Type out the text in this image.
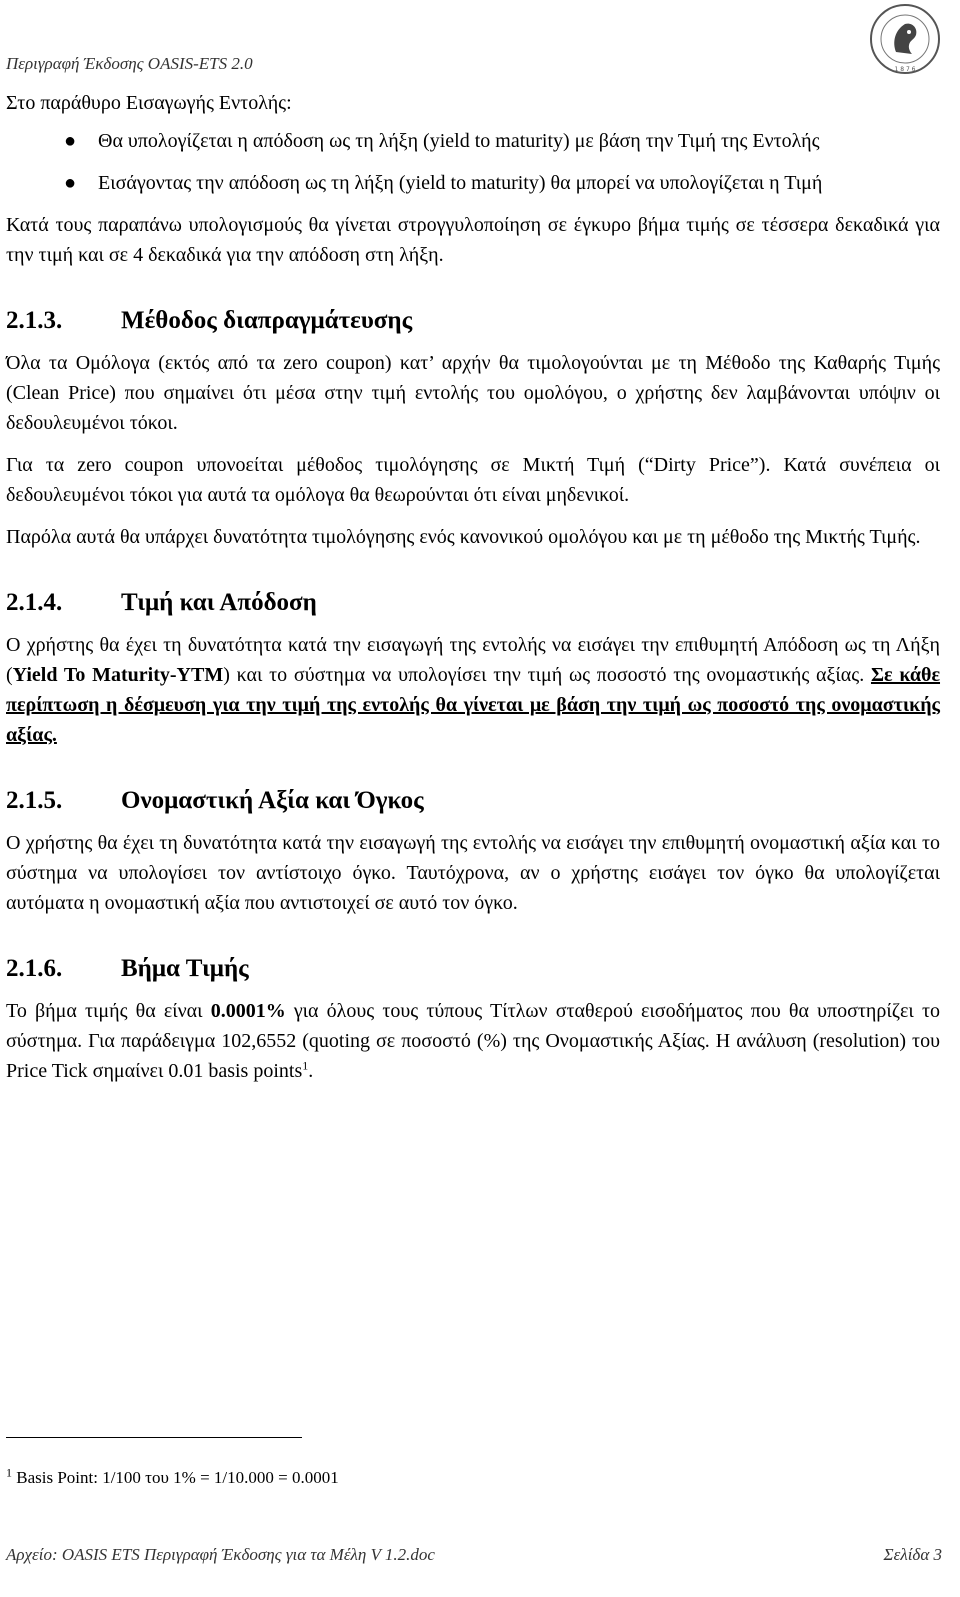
Περιγραφή Έκδοσης OASIS-ETS 2.0	1 8 7 6

Στο παράθυρο Εισαγωγής Εντολής:

● Θα υπολογίζεται η απόδοση ως τη λήξη (yield to maturity) με βάση την Τιμή της Εντολής
● Εισάγοντας την απόδοση ως τη λήξη (yield to maturity) θα μπορεί να υπολογίζεται η Τιμή

Κατά τους παραπάνω υπολογισμούς θα γίνεται στρογγυλοποίηση σε έγκυρο βήμα τιμής σε τέσσερα δεκαδικά για την τιμή και σε 4 δεκαδικά για την απόδοση στη λήξη.

2.1.3. Μέθοδος διαπραγμάτευσης

Όλα τα Ομόλογα (εκτός από τα zero coupon) κατ’ αρχήν θα τιμολογούνται με τη Μέθοδο της Καθαρής Τιμής (Clean Price) που σημαίνει ότι μέσα στην τιμή εντολής του ομολόγου, ο χρήστης δεν λαμβάνονται υπόψιν οι δεδουλευμένοι τόκοι.

Για τα zero coupon υπονοείται μέθοδος τιμολόγησης σε Μικτή Τιμή (“Dirty Price”). Κατά συνέπεια οι δεδουλευμένοι τόκοι για αυτά τα ομόλογα θα θεωρούνται ότι είναι μηδενικοί.

Παρόλα αυτά θα υπάρχει δυνατότητα τιμολόγησης ενός κανονικού ομολόγου και με τη μέθοδο της Μικτής Τιμής.

2.1.4. Τιμή και Απόδοση

Ο χρήστης θα έχει τη δυνατότητα κατά την εισαγωγή της εντολής να εισάγει την επιθυμητή Απόδοση ως τη Λήξη (Yield To Maturity-YTM) και το σύστημα να υπολογίσει την τιμή ως ποσοστό της ονομαστικής αξίας. Σε κάθε περίπτωση η δέσμευση για την τιμή της εντολής θα γίνεται με βάση την τιμή ως ποσοστό της ονομαστικής αξίας.

2.1.5. Ονομαστική Αξία και Όγκος

Ο χρήστης θα έχει τη δυνατότητα κατά την εισαγωγή της εντολής να εισάγει την επιθυμητή ονομαστική αξία και το σύστημα να υπολογίσει τον αντίστοιχο όγκο. Ταυτόχρονα, αν ο χρήστης εισάγει τον όγκο θα υπολογίζεται αυτόματα η ονομαστική αξία που αντιστοιχεί σε αυτό τον όγκο.

2.1.6. Βήμα Τιμής

Το βήμα τιμής θα είναι 0.0001% για όλους τους τύπους Τίτλων σταθερού εισοδήματος που θα υποστηρίζει το σύστημα. Για παράδειγμα 102,6552 (quoting σε ποσοστό (%) της Ονομαστικής Αξίας. Η ανάλυση (resolution) του Price Tick σημαίνει 0.01 basis points$^1$.

$^1$ Basis Point: 1/100 του 1% = 1/10.000 = 0.0001
Αρχείο: OASIS ETS Περιγραφή Έκδοσης για τα Μέλη V 1.2.doc	Σελίδα 3
